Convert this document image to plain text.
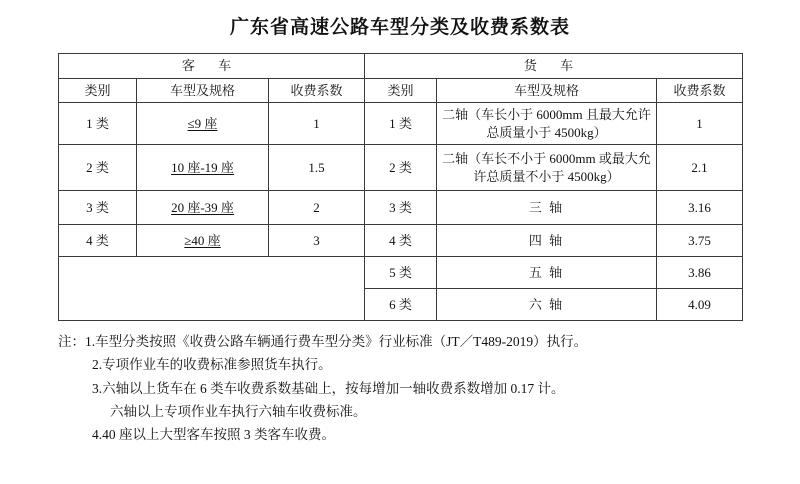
广东省高速公路车型分类及收费系数表
客 车			货 车		
类别	车型及规格	收费系数	类别	车型及规格	收费系数
1 类	≤9 座	1	1 类	二轴（车长小于 6000mm 且最大允许总质量小于 4500kg）	1
2 类	10 座-19 座	1.5	2 类	二轴（车长不小于 6000mm 或最大允许总质量不小于 4500kg）	2.1
3 类	20 座-39 座	2	3 类	三 轴	3.16
4 类	≥40 座	3	4 类	四 轴	3.75
			5 类	五 轴	3.86
			6 类	六 轴	4.09
注：1.车型分类按照《收费公路车辆通行费车型分类》行业标准（JT／T489-2019）执行。
2.专项作业车的收费标准参照货车执行。
3.六轴以上货车在 6 类车收费系数基础上，按每增加一轴收费系数增加 0.17 计。
六轴以上专项作业车执行六轴车收费标准。
4.40 座以上大型客车按照 3 类客车收费。
